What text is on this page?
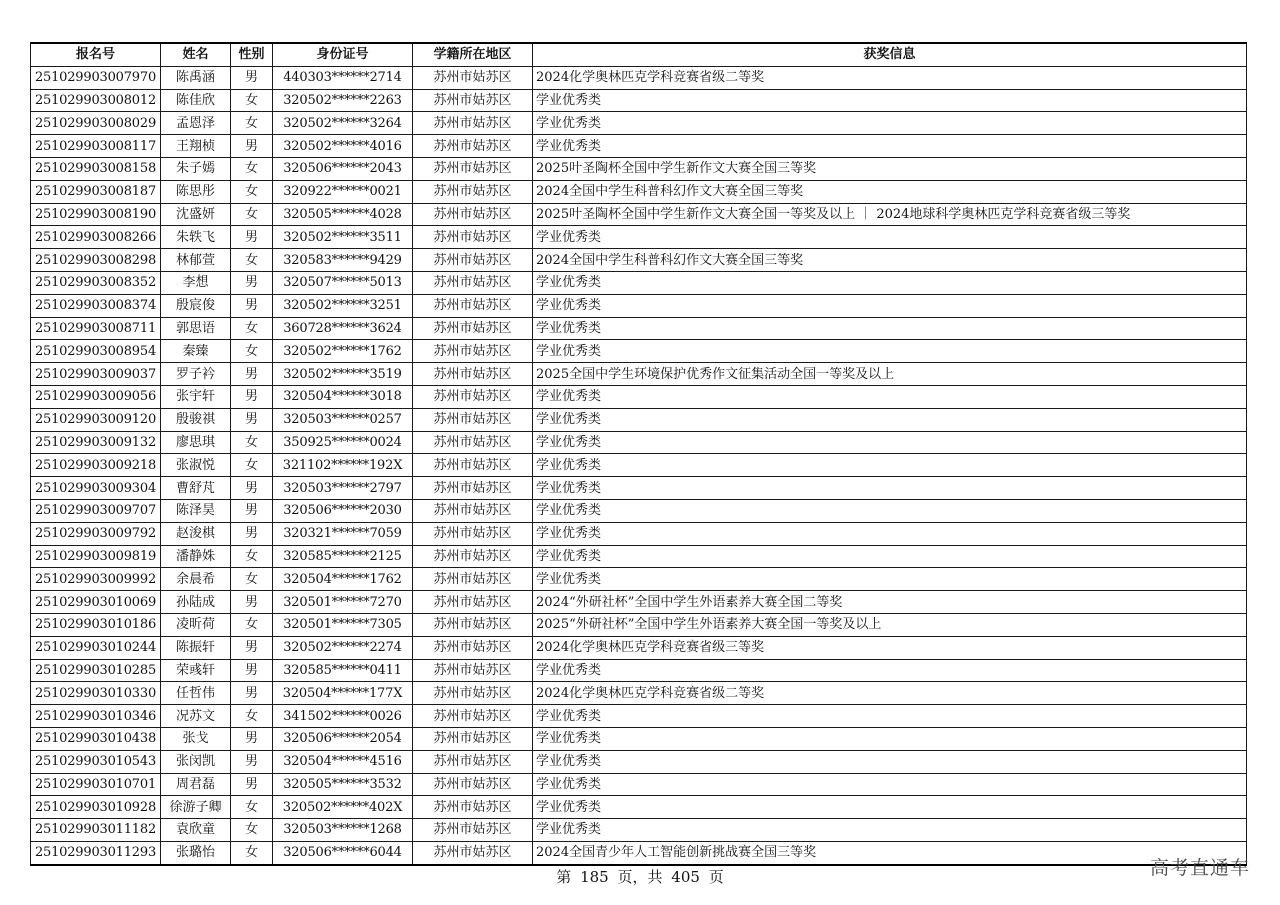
报名号	姓名	性别	身份证号	学籍所在地区	获奖信息
251029903007970	陈禹涵	男	440303******2714	苏州市姑苏区	2024化学奥林匹克学科竞赛省级二等奖
251029903008012	陈佳欣	女	320502******2263	苏州市姑苏区	学业优秀类
251029903008029	孟恩泽	女	320502******3264	苏州市姑苏区	学业优秀类
251029903008117	王翔桢	男	320502******4016	苏州市姑苏区	学业优秀类
251029903008158	朱子嫣	女	320506******2043	苏州市姑苏区	2025叶圣陶杯全国中学生新作文大赛全国三等奖
251029903008187	陈思彤	女	320922******0021	苏州市姑苏区	2024全国中学生科普科幻作文大赛全国三等奖
251029903008190	沈盛妍	女	320505******4028	苏州市姑苏区	2025叶圣陶杯全国中学生新作文大赛全国一等奖及以上 ｜ 2024地球科学奥林匹克学科竞赛省级三等奖
251029903008266	朱轶飞	男	320502******3511	苏州市姑苏区	学业优秀类
251029903008298	林郁萱	女	320583******9429	苏州市姑苏区	2024全国中学生科普科幻作文大赛全国三等奖
251029903008352	李想	男	320507******5013	苏州市姑苏区	学业优秀类
251029903008374	殷宸俊	男	320502******3251	苏州市姑苏区	学业优秀类
251029903008711	郭思语	女	360728******3624	苏州市姑苏区	学业优秀类
251029903008954	秦臻	女	320502******1762	苏州市姑苏区	学业优秀类
251029903009037	罗子衿	男	320502******3519	苏州市姑苏区	2025全国中学生环境保护优秀作文征集活动全国一等奖及以上
251029903009056	张宇轩	男	320504******3018	苏州市姑苏区	学业优秀类
251029903009120	殷骏祺	男	320503******0257	苏州市姑苏区	学业优秀类
251029903009132	廖思琪	女	350925******0024	苏州市姑苏区	学业优秀类
251029903009218	张淑悦	女	321102******192X	苏州市姑苏区	学业优秀类
251029903009304	曹舒芃	男	320503******2797	苏州市姑苏区	学业优秀类
251029903009707	陈泽昊	男	320506******2030	苏州市姑苏区	学业优秀类
251029903009792	赵浚棋	男	320321******7059	苏州市姑苏区	学业优秀类
251029903009819	潘静姝	女	320585******2125	苏州市姑苏区	学业优秀类
251029903009992	余晨希	女	320504******1762	苏州市姑苏区	学业优秀类
251029903010069	孙陆成	男	320501******7270	苏州市姑苏区	2024“外研社杯”全国中学生外语素养大赛全国二等奖
251029903010186	凌昕荷	女	320501******7305	苏州市姑苏区	2025“外研社杯”全国中学生外语素养大赛全国一等奖及以上
251029903010244	陈振轩	男	320502******2274	苏州市姑苏区	2024化学奥林匹克学科竞赛省级三等奖
251029903010285	荣彧轩	男	320585******0411	苏州市姑苏区	学业优秀类
251029903010330	任哲伟	男	320504******177X	苏州市姑苏区	2024化学奥林匹克学科竞赛省级二等奖
251029903010346	况苏文	女	341502******0026	苏州市姑苏区	学业优秀类
251029903010438	张戈	男	320506******2054	苏州市姑苏区	学业优秀类
251029903010543	张闵凯	男	320504******4516	苏州市姑苏区	学业优秀类
251029903010701	周君磊	男	320505******3532	苏州市姑苏区	学业优秀类
251029903010928	徐游子卿	女	320502******402X	苏州市姑苏区	学业优秀类
251029903011182	袁欣童	女	320503******1268	苏州市姑苏区	学业优秀类
251029903011293	张璐怡	女	320506******6044	苏州市姑苏区	2024全国青少年人工智能创新挑战赛全国三等奖
第 185 页，共 405 页	高考直通车
